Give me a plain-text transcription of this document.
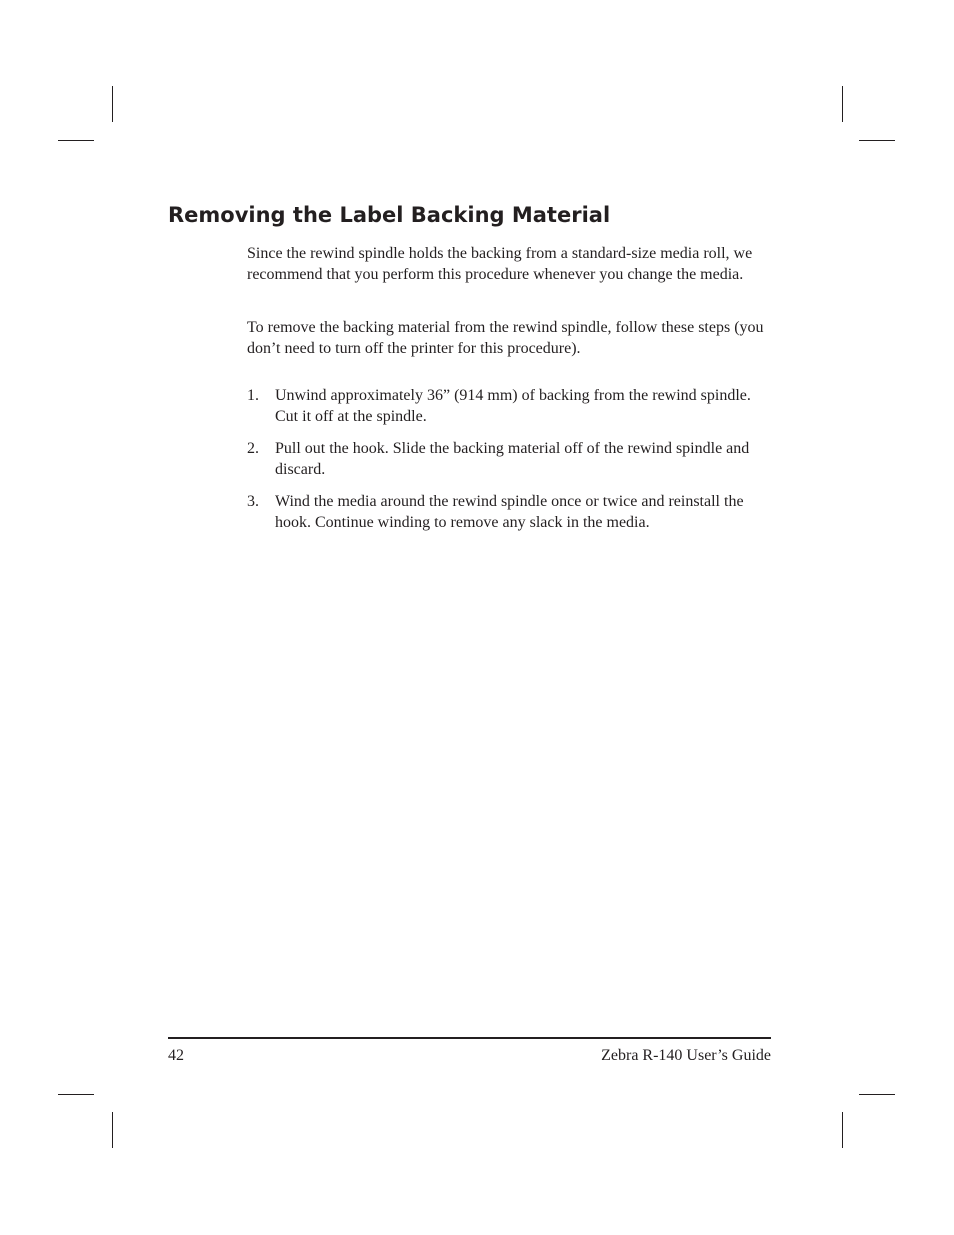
Removing the Label Backing Material

Since the rewind spindle holds the backing from a standard-size media roll, we recommend that you perform this procedure whenever you change the media.

To remove the backing material from the rewind spindle, follow these steps (you don’t need to turn off the printer for this procedure).

1. Unwind approximately 36” (914 mm) of backing from the rewind spindle. Cut it off at the spindle.
2. Pull out the hook. Slide the backing material off of the rewind spindle and discard.
3. Wind the media around the rewind spindle once or twice and reinstall the hook. Continue winding to remove any slack in the media.
42	Zebra R-140 User’s Guide
